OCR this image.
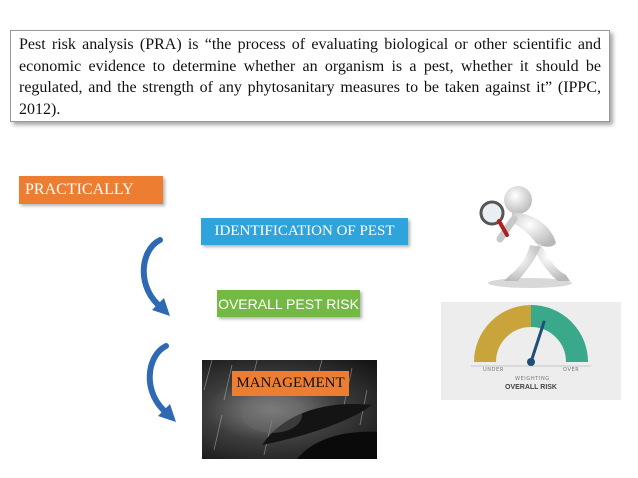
Pest risk analysis (PRA) is “the process of evaluating biological or other scientific and economic evidence to determine whether an organism is a pest, whether it should be regulated, and the strength of any phytosanitary measures to be taken against it” (IPPC, 2012).

PRACTICALLY
IDENTIFICATION OF PEST
OVERALL PEST RISK
MANAGEMENT
UNDER	OVER
WEIGHTING
OVERALL RISK
